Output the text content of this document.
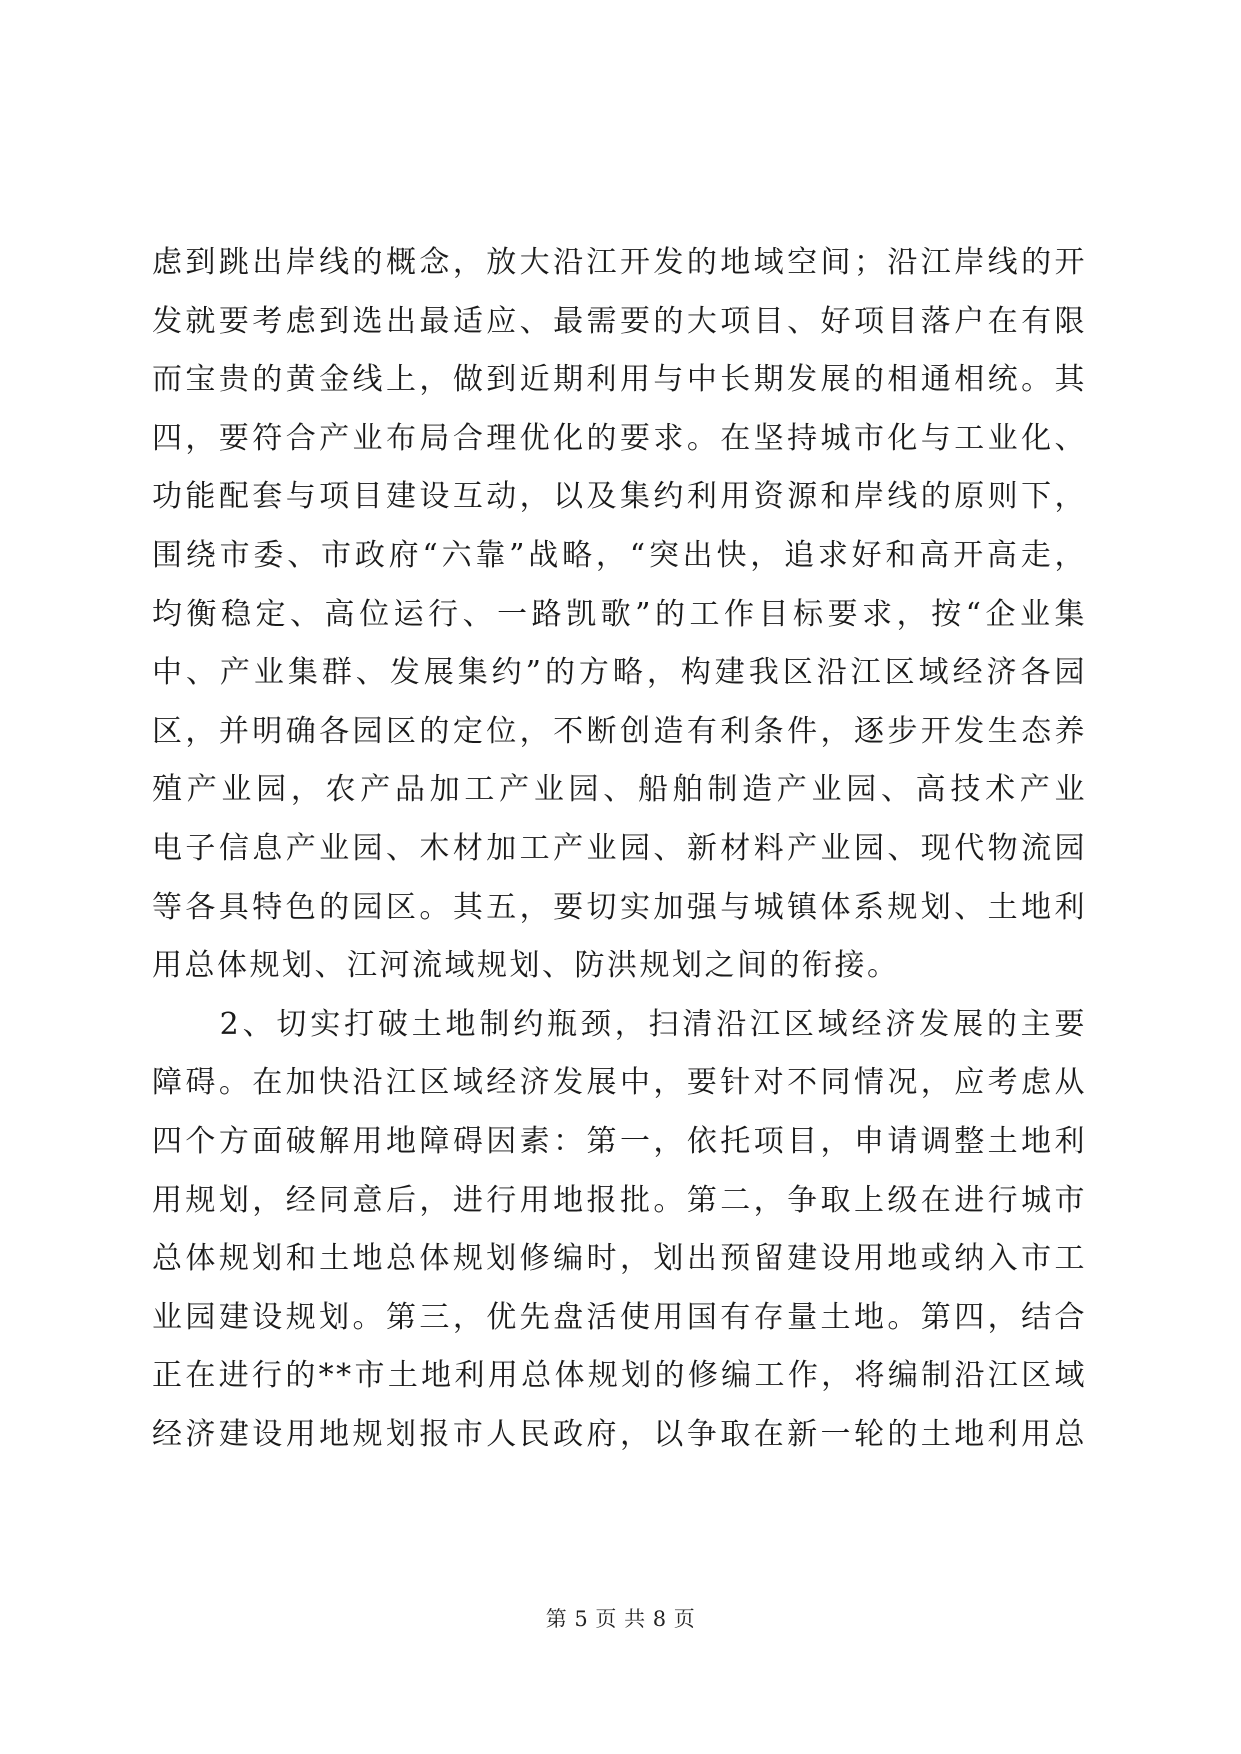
虑到跳出岸线的概念，放大沿江开发的地域空间；沿江岸线的开
发就要考虑到选出最适应、最需要的大项目、好项目落户在有限
而宝贵的黄金线上，做到近期利用与中长期发展的相通相统。其
四，要符合产业布局合理优化的要求。在坚持城市化与工业化、
功能配套与项目建设互动，以及集约利用资源和岸线的原则下，
围绕市委、市政府“六靠”战略，“突出快，追求好和高开高走，
均衡稳定、高位运行、一路凯歌”的工作目标要求，按“企业集
中、产业集群、发展集约”的方略，构建我区沿江区域经济各园
区，并明确各园区的定位，不断创造有利条件，逐步开发生态养
殖产业园，农产品加工产业园、船舶制造产业园、高技术产业
电子信息产业园、木材加工产业园、新材料产业园、现代物流园
等各具特色的园区。其五，要切实加强与城镇体系规划、土地利
用总体规划、江河流域规划、防洪规划之间的衔接。
　　2、切实打破土地制约瓶颈，扫清沿江区域经济发展的主要
障碍。在加快沿江区域经济发展中，要针对不同情况，应考虑从
四个方面破解用地障碍因素：第一，依托项目，申请调整土地利
用规划，经同意后，进行用地报批。第二，争取上级在进行城市
总体规划和土地总体规划修编时，划出预留建设用地或纳入市工
业园建设规划。第三，优先盘活使用国有存量土地。第四，结合
正在进行的**市土地利用总体规划的修编工作，将编制沿江区域
经济建设用地规划报市人民政府，以争取在新一轮的土地利用总
第 5 页 共 8 页
